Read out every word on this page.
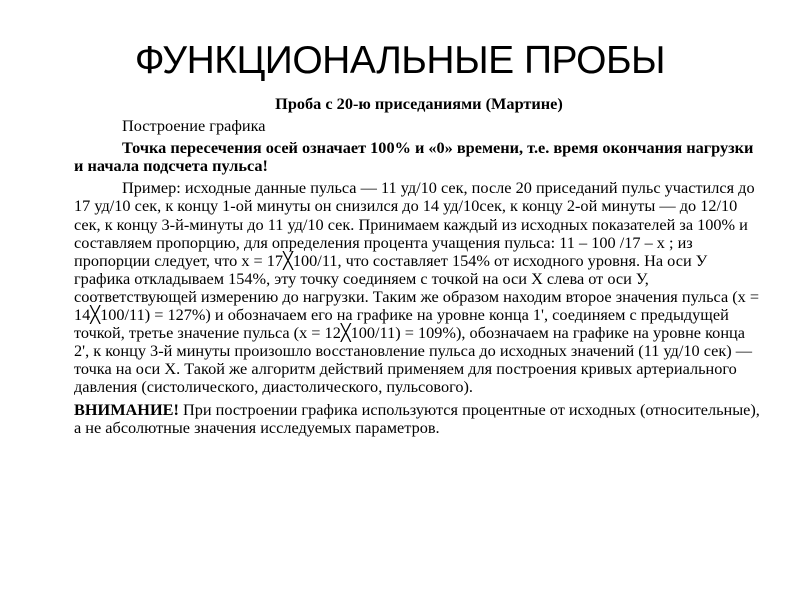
ФУНКЦИОНАЛЬНЫЕ ПРОБЫ

Проба с 20-ю приседаниями (Мартине)

Построение графика

Точка пересечения осей означает 100% и «0» времени, т.е. время окончания нагрузки и начала подсчета пульса!

Пример: исходные данные пульса — 11 уд/10 сек, после 20 приседаний пульс участился до 17 уд/10 сек, к концу 1-ой минуты он снизился до 14 уд/10сек, к концу 2-ой минуты — до 12/10 сек, к концу 3-й-минуты до 11 уд/10 сек. Принимаем каждый из исходных показателей за 100% и составляем пропорцию, для определения процента учащения пульса: 11 – 100 /17 – х ; из пропорции следует, что х = 17╳100/11, что составляет 154% от исходного уровня. На оси У графика откладываем 154%, эту точку соединяем с точкой на оси Х слева от оси У, соответствующей измерению до нагрузки. Таким же образом находим второе значения пульса (х = 14╳100/11) = 127%) и обозначаем его на графике на уровне конца 1', соединяем с предыдущей точкой, третье значение пульса (х = 12╳100/11) = 109%), обозначаем на графике на уровне конца 2', к концу 3-й минуты произошло восстановление пульса до исходных значений (11 уд/10 сек) — точка на оси Х. Такой же алгоритм действий применяем для построения кривых артериального давления (систолического, диастолического, пульсового).

ВНИМАНИЕ! При построении графика используются процентные от исходных (относительные), а не абсолютные значения исследуемых параметров.
